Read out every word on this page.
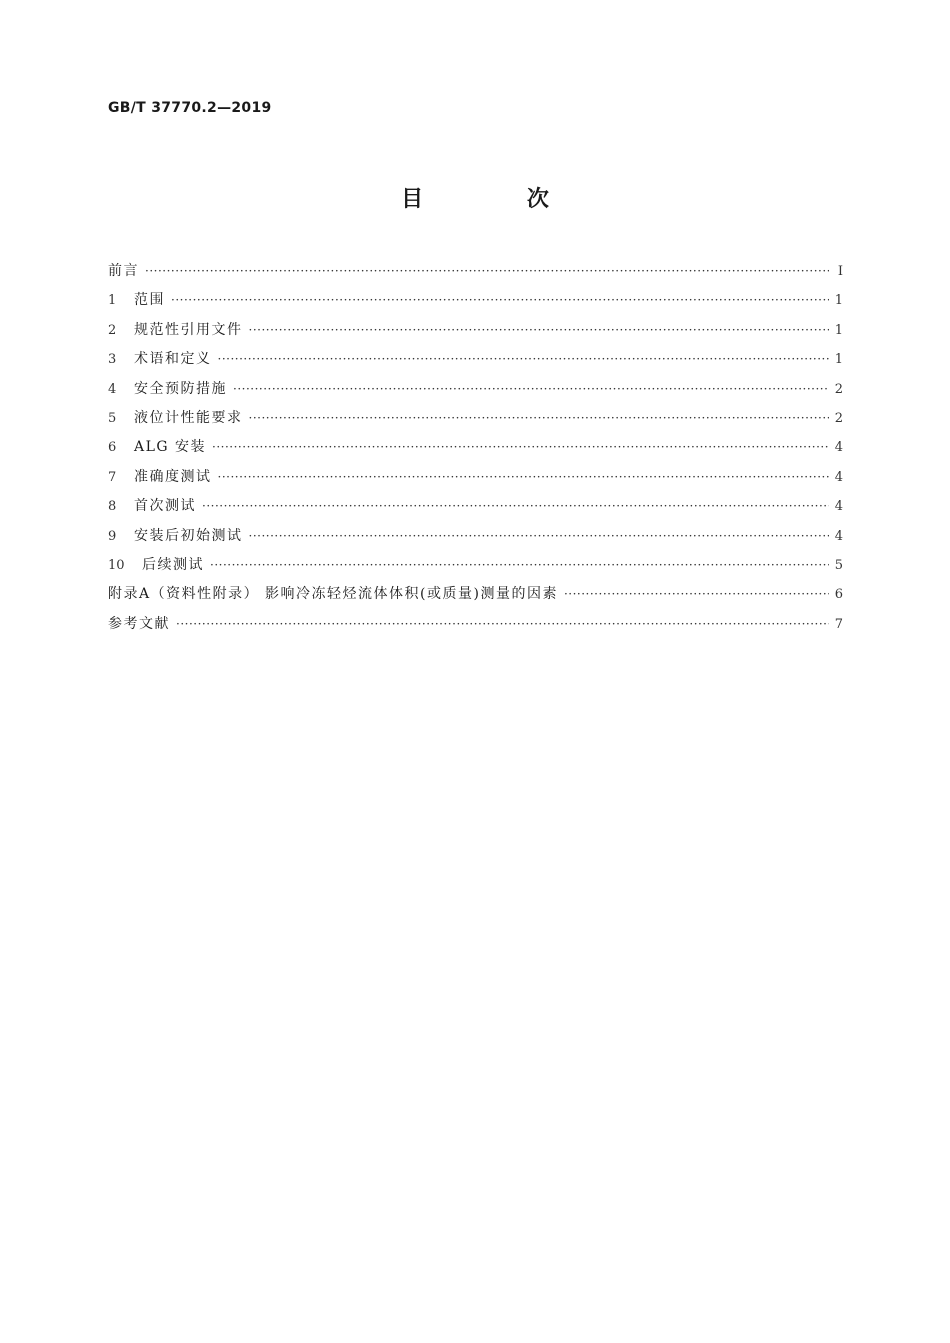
GB/T 37770.2—2019
目 次
前言 ·····	Ⅰ
1	范围 ·····	1
2	规范性引用文件 ·····	1
3	术语和定义 ·····	1
4	安全预防措施 ·····	2
5	液位计性能要求 ·····	2
6	ALG 安装 ·····	4
7	准确度测试 ·····	4
8	首次测试 ·····	4
9	安装后初始测试 ·····	4
10	后续测试 ·····	5
附录A（资料性附录） 影响冷冻轻烃流体体积(或质量)测量的因素 ·····	6
参考文献 ·····	7
